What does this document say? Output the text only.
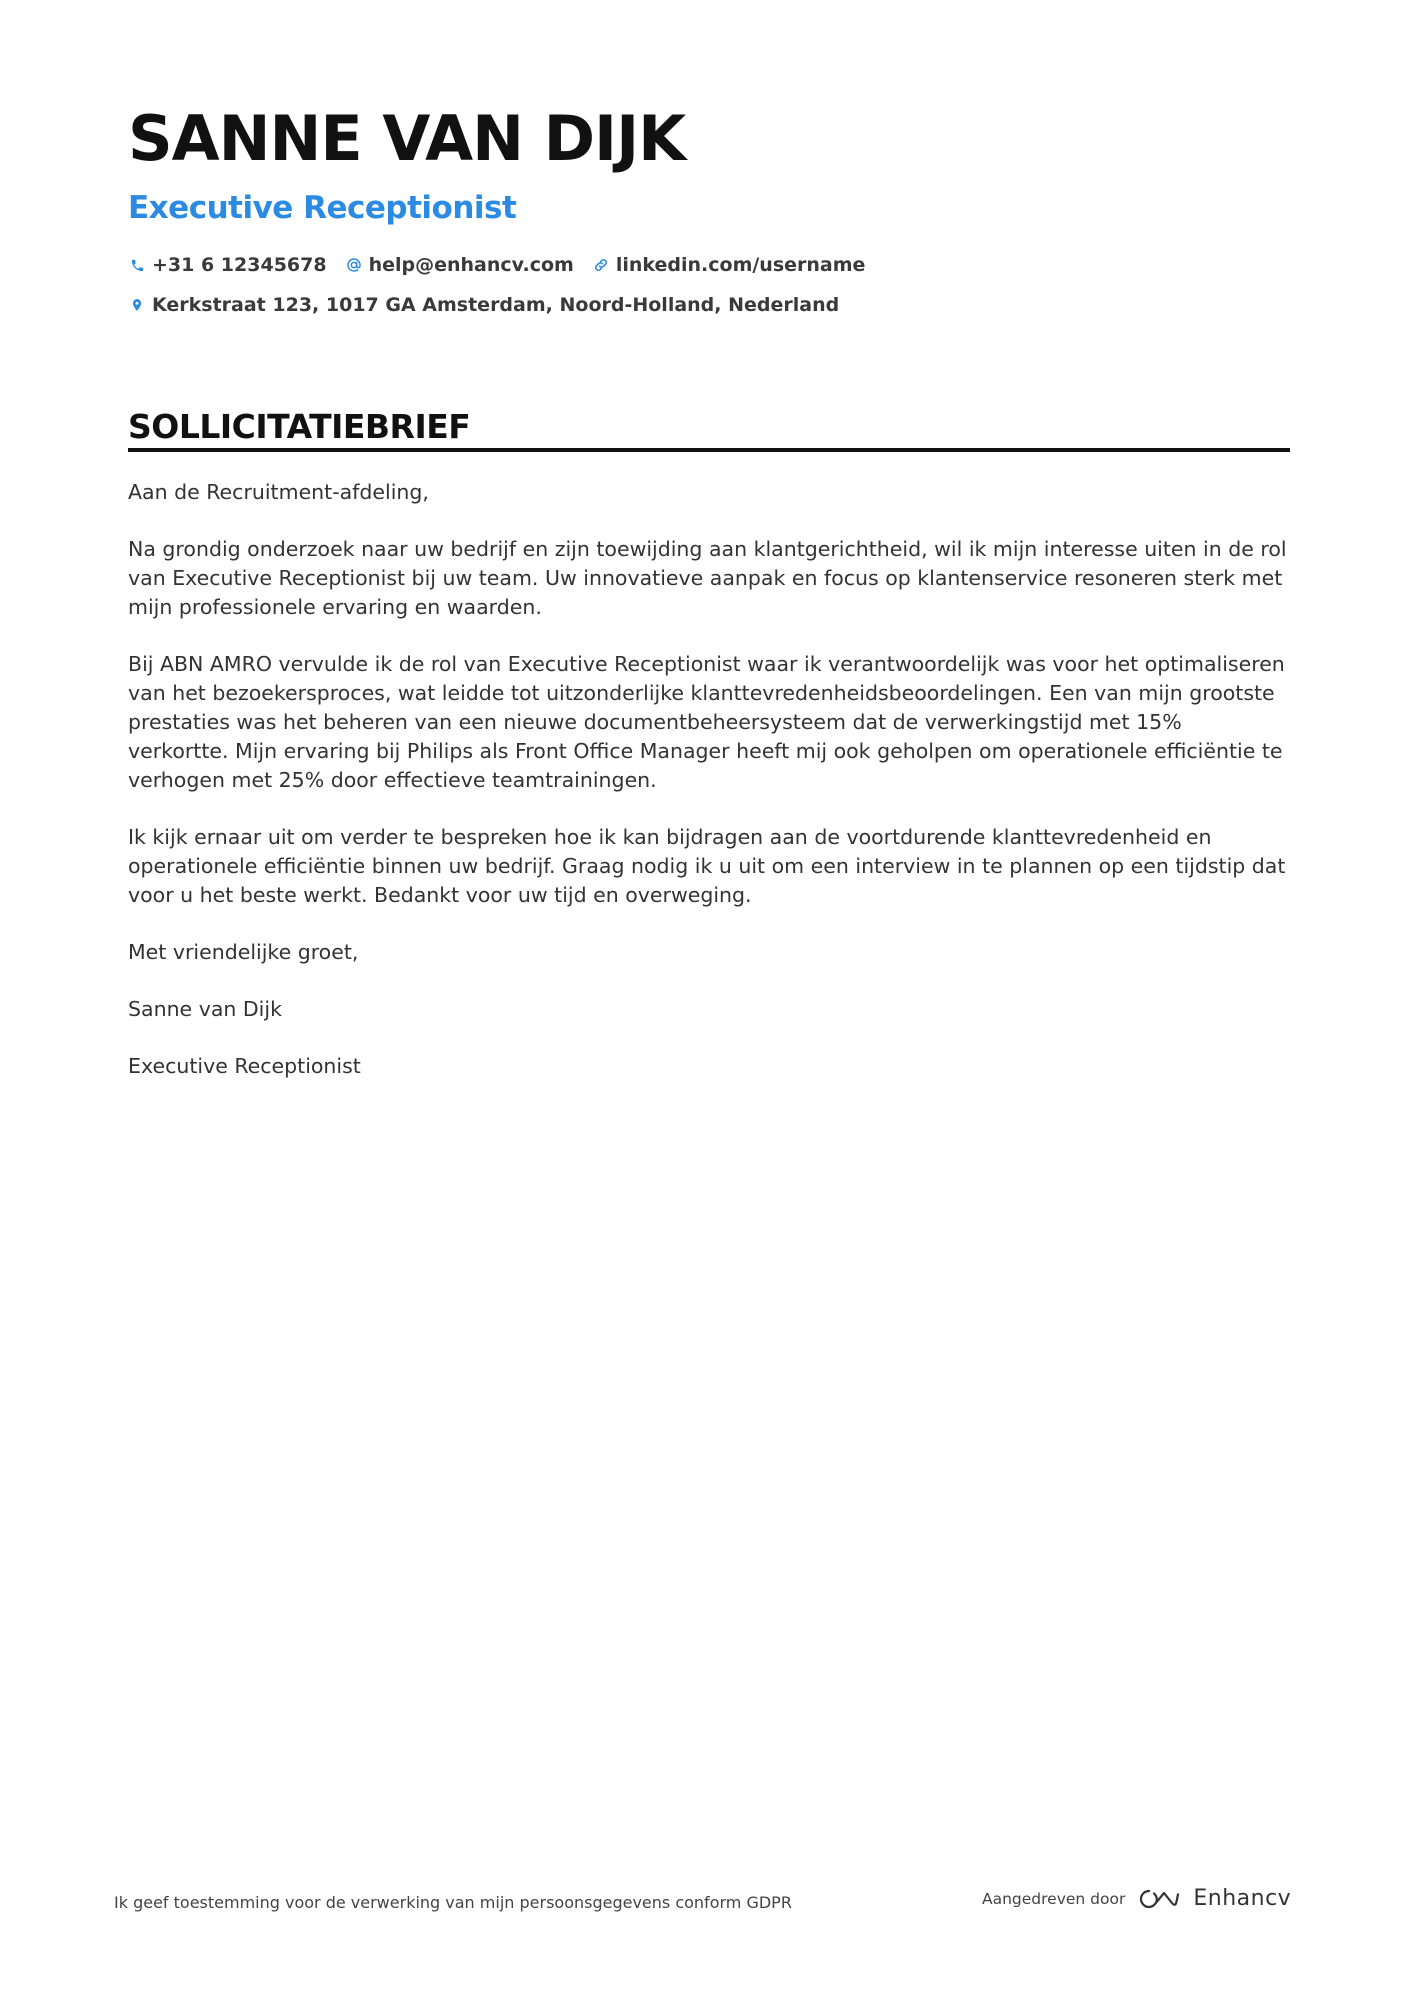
SANNE VAN DIJK
Executive Receptionist
+31 6 12345678 help@enhancv.com linkedin.com/username
Kerkstraat 123, 1017 GA Amsterdam, Noord-Holland, Nederland
SOLLICITATIEBRIEF

Aan de Recruitment-afdeling,

Na grondig onderzoek naar uw bedrijf en zijn toewijding aan klantgerichtheid, wil ik mijn interesse uiten in de rol van Executive Receptionist bij uw team. Uw innovatieve aanpak en focus op klantenservice resoneren sterk met mijn professionele ervaring en waarden.

Bij ABN AMRO vervulde ik de rol van Executive Receptionist waar ik verantwoordelijk was voor het optimaliseren van het bezoekersproces, wat leidde tot uitzonderlijke klanttevredenheidsbeoordelingen. Een van mijn grootste prestaties was het beheren van een nieuwe documentbeheersysteem dat de verwerkingstijd met 15% verkortte. Mijn ervaring bij Philips als Front Office Manager heeft mij ook geholpen om operationele efficiëntie te verhogen met 25% door effectieve teamtrainingen.

Ik kijk ernaar uit om verder te bespreken hoe ik kan bijdragen aan de voortdurende klanttevredenheid en operationele efficiëntie binnen uw bedrijf. Graag nodig ik u uit om een interview in te plannen op een tijdstip dat voor u het beste werkt. Bedankt voor uw tijd en overweging.

Met vriendelijke groet,

Sanne van Dijk

Executive Receptionist

Ik geef toestemming voor de verwerking van mijn persoonsgegevens conform GDPR	Aangedreven door	Enhancv
